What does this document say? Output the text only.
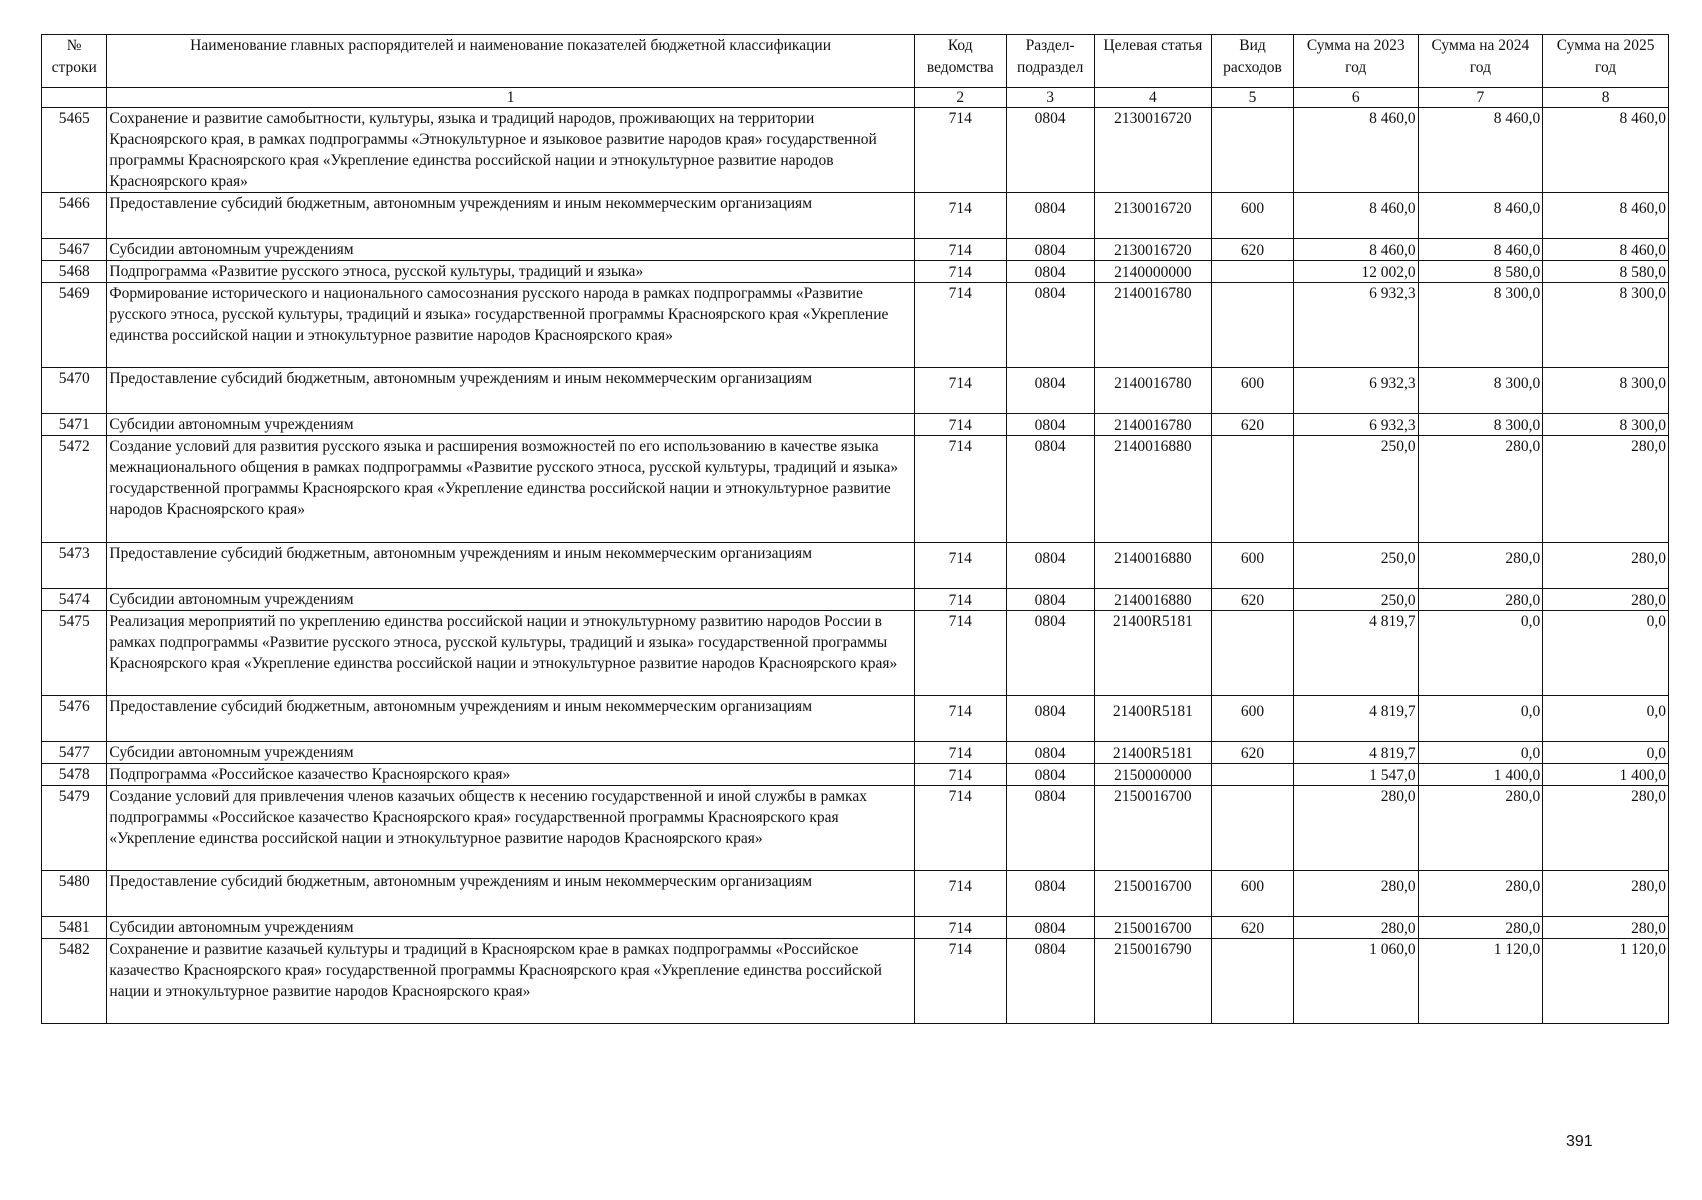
№ строки	Наименование главных распорядителей и наименование показателей бюджетной классификации	Код ведомства	Раздел-подраздел	Целевая статья	Вид расходов	Сумма на 2023 год	Сумма на 2024 год	Сумма на 2025 год
	1	2	3	4	5	6	7	8
5465	Сохранение и развитие самобытности, культуры, языка и традиций народов, проживающих на территории Красноярского края, в рамках подпрограммы «Этнокультурное и языковое развитие народов края» государственной программы Красноярского края «Укрепление единства российской нации и этнокультурное развитие народов Красноярского края»	714	0804	2130016720		8 460,0	8 460,0	8 460,0
5466	Предоставление субсидий бюджетным, автономным учреждениям и иным некоммерческим организациям	714	0804	2130016720	600	8 460,0	8 460,0	8 460,0
5467	Субсидии автономным учреждениям	714	0804	2130016720	620	8 460,0	8 460,0	8 460,0
5468	Подпрограмма «Развитие русского этноса, русской культуры, традиций и языка»	714	0804	2140000000		12 002,0	8 580,0	8 580,0
5469	Формирование исторического и национального самосознания русского народа в рамках подпрограммы «Развитие русского этноса, русской культуры, традиций и языка» государственной программы Красноярского края «Укрепление единства российской нации и этнокультурное развитие народов Красноярского края»	714	0804	2140016780		6 932,3	8 300,0	8 300,0
5470	Предоставление субсидий бюджетным, автономным учреждениям и иным некоммерческим организациям	714	0804	2140016780	600	6 932,3	8 300,0	8 300,0
5471	Субсидии автономным учреждениям	714	0804	2140016780	620	6 932,3	8 300,0	8 300,0
5472	Создание условий для развития русского языка и расширения возможностей по его использованию в качестве языка межнационального общения в рамках подпрограммы «Развитие русского этноса, русской культуры, традиций и языка» государственной программы Красноярского края «Укрепление единства российской нации и этнокультурное развитие народов Красноярского края»	714	0804	2140016880		250,0	280,0	280,0
5473	Предоставление субсидий бюджетным, автономным учреждениям и иным некоммерческим организациям	714	0804	2140016880	600	250,0	280,0	280,0
5474	Субсидии автономным учреждениям	714	0804	2140016880	620	250,0	280,0	280,0
5475	Реализация мероприятий по укреплению единства российской нации и этнокультурному развитию народов России в рамках подпрограммы «Развитие русского этноса, русской культуры, традиций и языка» государственной программы Красноярского края «Укрепление единства российской нации и этнокультурное развитие народов Красноярского края»	714	0804	21400R5181		4 819,7	0,0	0,0
5476	Предоставление субсидий бюджетным, автономным учреждениям и иным некоммерческим организациям	714	0804	21400R5181	600	4 819,7	0,0	0,0
5477	Субсидии автономным учреждениям	714	0804	21400R5181	620	4 819,7	0,0	0,0
5478	Подпрограмма «Российское казачество Красноярского края»	714	0804	2150000000		1 547,0	1 400,0	1 400,0
5479	Создание условий для привлечения членов казачьих обществ к несению государственной и иной службы в рамках подпрограммы «Российское казачество Красноярского края» государственной программы Красноярского края «Укрепление единства российской нации и этнокультурное развитие народов Красноярского края»	714	0804	2150016700		280,0	280,0	280,0
5480	Предоставление субсидий бюджетным, автономным учреждениям и иным некоммерческим организациям	714	0804	2150016700	600	280,0	280,0	280,0
5481	Субсидии автономным учреждениям	714	0804	2150016700	620	280,0	280,0	280,0
5482	Сохранение и развитие казачьей культуры и традиций в Красноярском крае в рамках подпрограммы «Российское казачество Красноярского края» государственной программы Красноярского края «Укрепление единства российской нации и этнокультурное развитие народов Красноярского края»	714	0804	2150016790		1 060,0	1 120,0	1 120,0
391
